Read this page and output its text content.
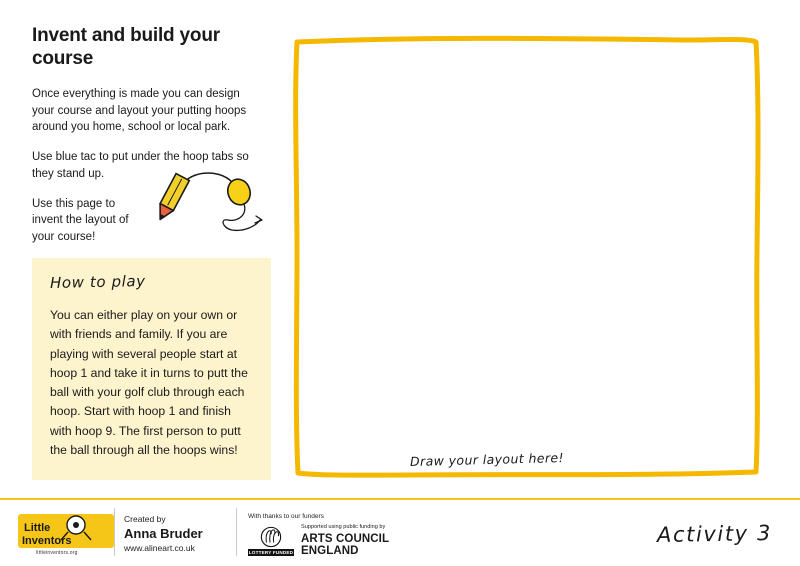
Invent and build your course

Once everything is made you can design your course and layout your putting hoops around you home, school or local park.

Use blue tac to put under the hoop tabs so they stand up.

Use this page to invent the layout of your course!

How to play

You can either play on your own or with friends and family. If you are playing with several people start at hoop 1 and take it in turns to putt the ball with your golf club through each hoop. Start with hoop 1 and finish with hoop 9. The first person to putt the ball through all the hoops wins!

Draw your layout here!
Little
Inventors
littleinventors.org
Created by
Anna Bruder
www.alineart.co.uk
With thanks to our funders
LOTTERY FUNDED
Supported using public funding by
ARTS COUNCIL
ENGLAND
Activity 3
